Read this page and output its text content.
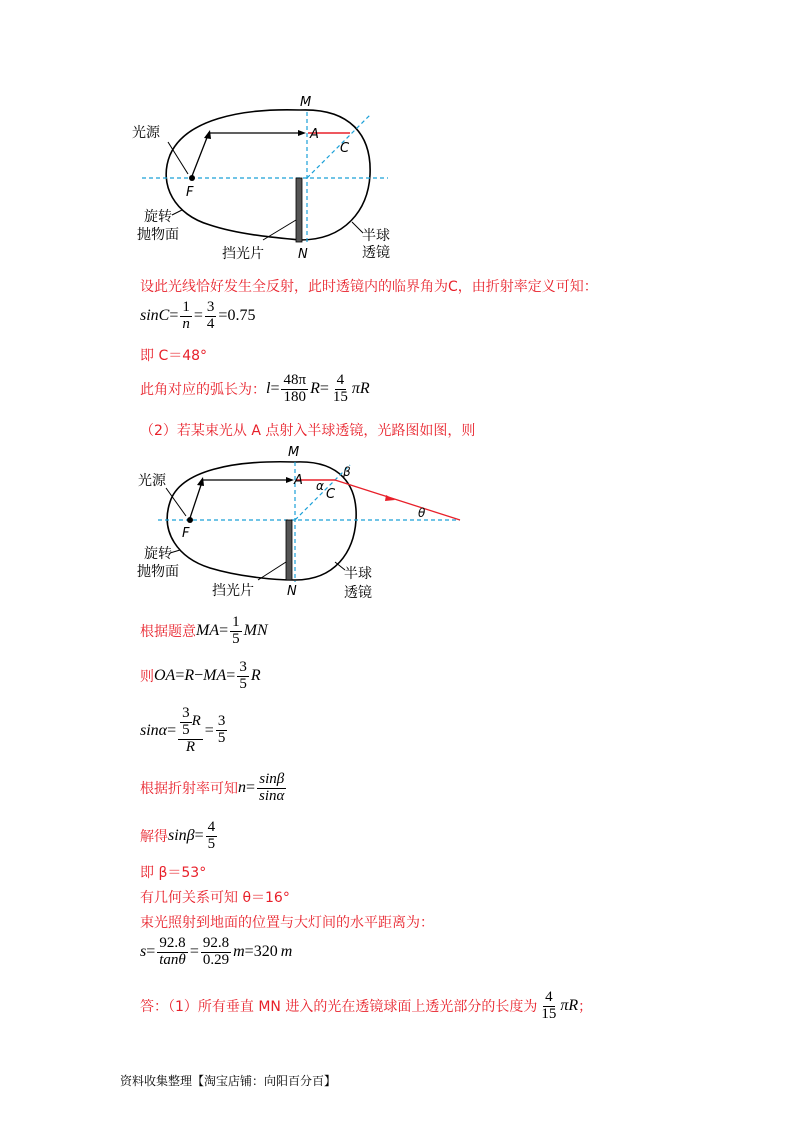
光源
M
A
C
F
N
旋转
抛物面
挡光片
半球
透镜
设此光线恰好发生全反射，此时透镜内的临界角为C，由折射率定义可知：
$\sin C = \frac{1}{n} = \frac{3}{4} = 0.75$
即 C＝48°
此角对应的弧长为： $l = \frac{48\pi}{180}$ $R = \frac{4}{15}$ πR
（2）若某束光从 A 点射入半球透镜，光路图如图，则
光源
M
A α
β
C
θ
F
N
旋转
抛物面
挡光片
半球
透镜
根据题意 MA = $\frac{1}{5}$ MN
则 OA = R − MA = $\frac{3}{5}$ R
$\sin\alpha = \frac{\frac{3}{5} R}{R} = \frac{3}{5}$
根据折射率可知 $n = \frac{\sin\beta}{\sin\alpha}$
解得 $\sin\beta = \frac{4}{5}$
即 β＝53°
有几何关系可知 θ＝16°
束光照射到地面的位置与大灯间的水平距离为：
$s = \frac{92.8}{\tan\theta} = \frac{92.8}{0.29}$ m = 320 m
答：（1）所有垂直 MN 进入的光在透镜球面上透光部分的长度为 $\frac{4}{15}$ πR ；
资料收集整理【淘宝店铺：向阳百分百】
